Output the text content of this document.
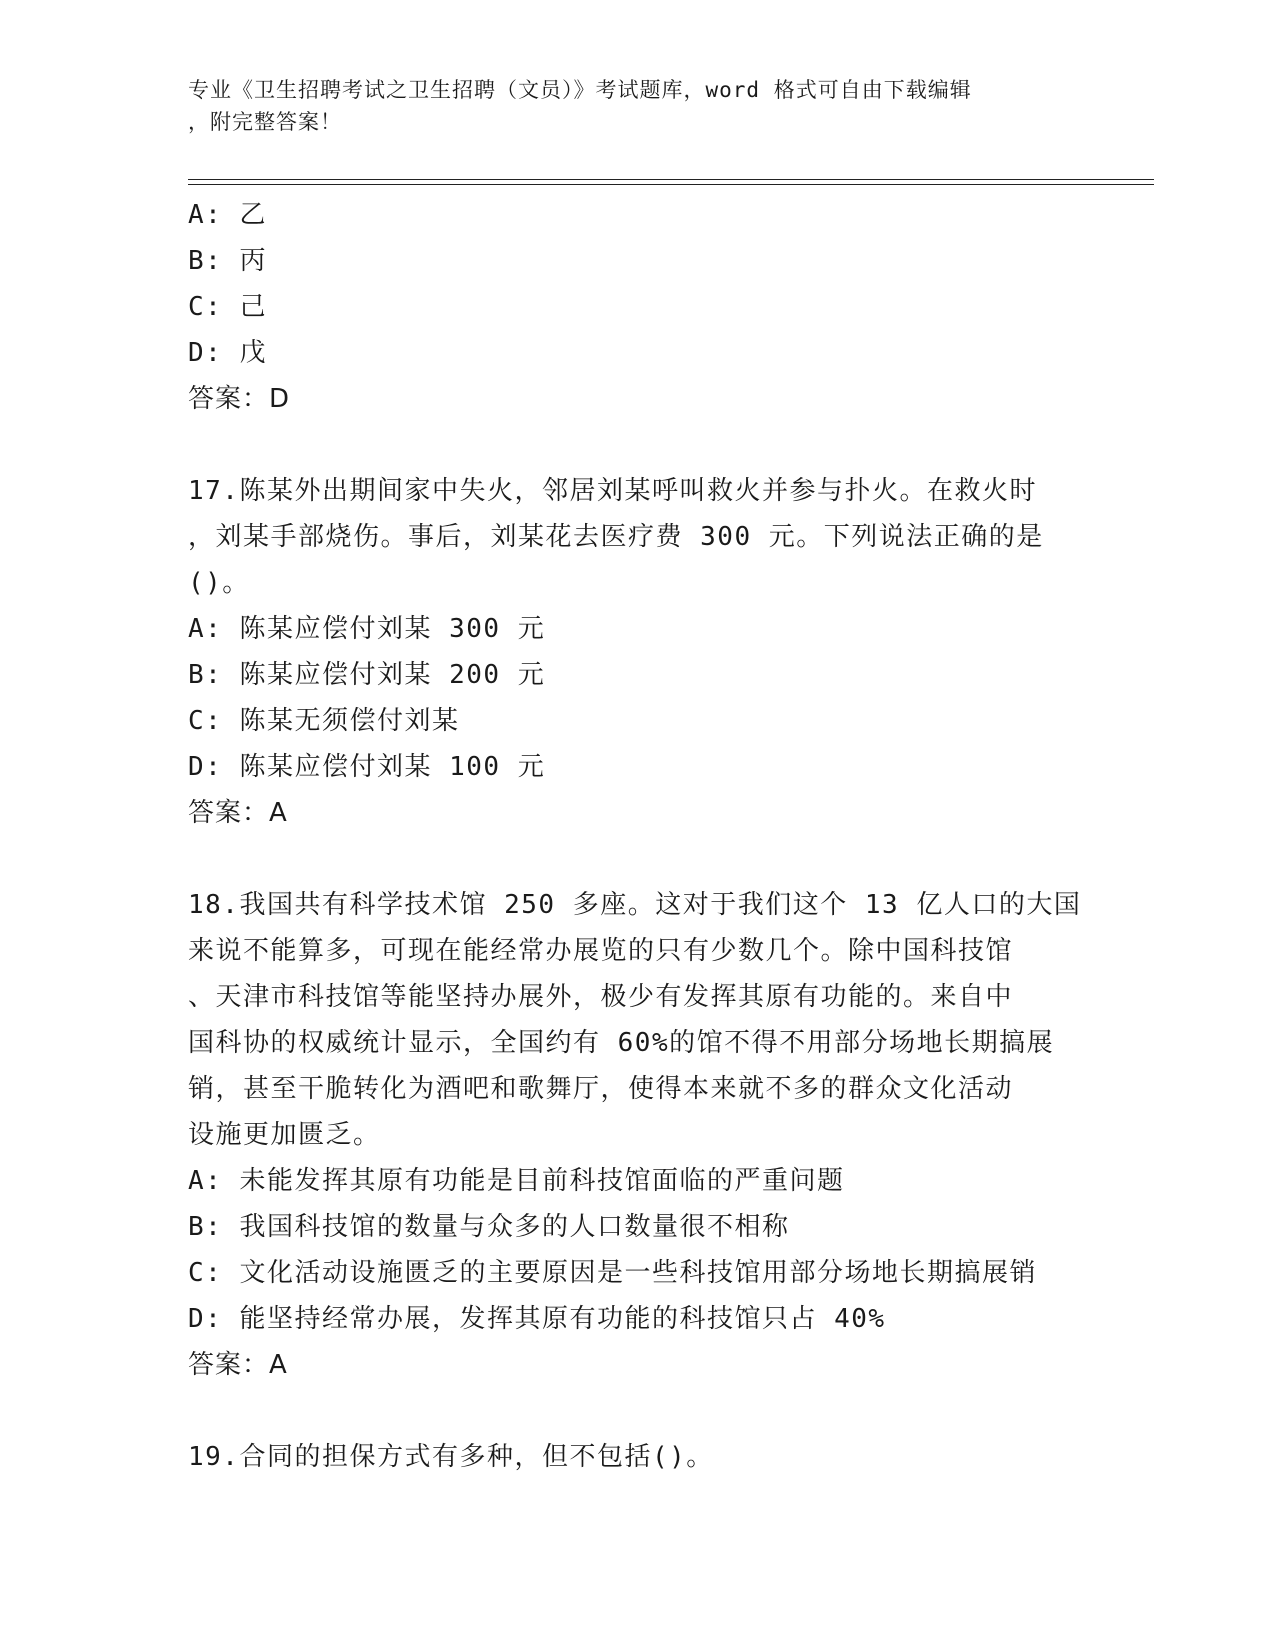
专业《卫生招聘考试之卫生招聘（文员）》考试题库，word 格式可自由下载编辑
，附完整答案！
A: 乙
B: 丙
C: 己
D: 戊
答案：D
17.陈某外出期间家中失火，邻居刘某呼叫救火并参与扑火。在救火时
，刘某手部烧伤。事后，刘某花去医疗费 300 元。下列说法正确的是
()。
A: 陈某应偿付刘某 300 元
B: 陈某应偿付刘某 200 元
C: 陈某无须偿付刘某
D: 陈某应偿付刘某 100 元
答案：A
18.我国共有科学技术馆 250 多座。这对于我们这个 13 亿人口的大国
来说不能算多，可现在能经常办展览的只有少数几个。除中国科技馆
、天津市科技馆等能坚持办展外，极少有发挥其原有功能的。来自中
国科协的权威统计显示，全国约有 60%的馆不得不用部分场地长期搞展
销，甚至干脆转化为酒吧和歌舞厅，使得本来就不多的群众文化活动
设施更加匮乏。
A: 未能发挥其原有功能是目前科技馆面临的严重问题
B: 我国科技馆的数量与众多的人口数量很不相称
C: 文化活动设施匮乏的主要原因是一些科技馆用部分场地长期搞展销
D: 能坚持经常办展，发挥其原有功能的科技馆只占 40%
答案：A
19.合同的担保方式有多种，但不包括()。
